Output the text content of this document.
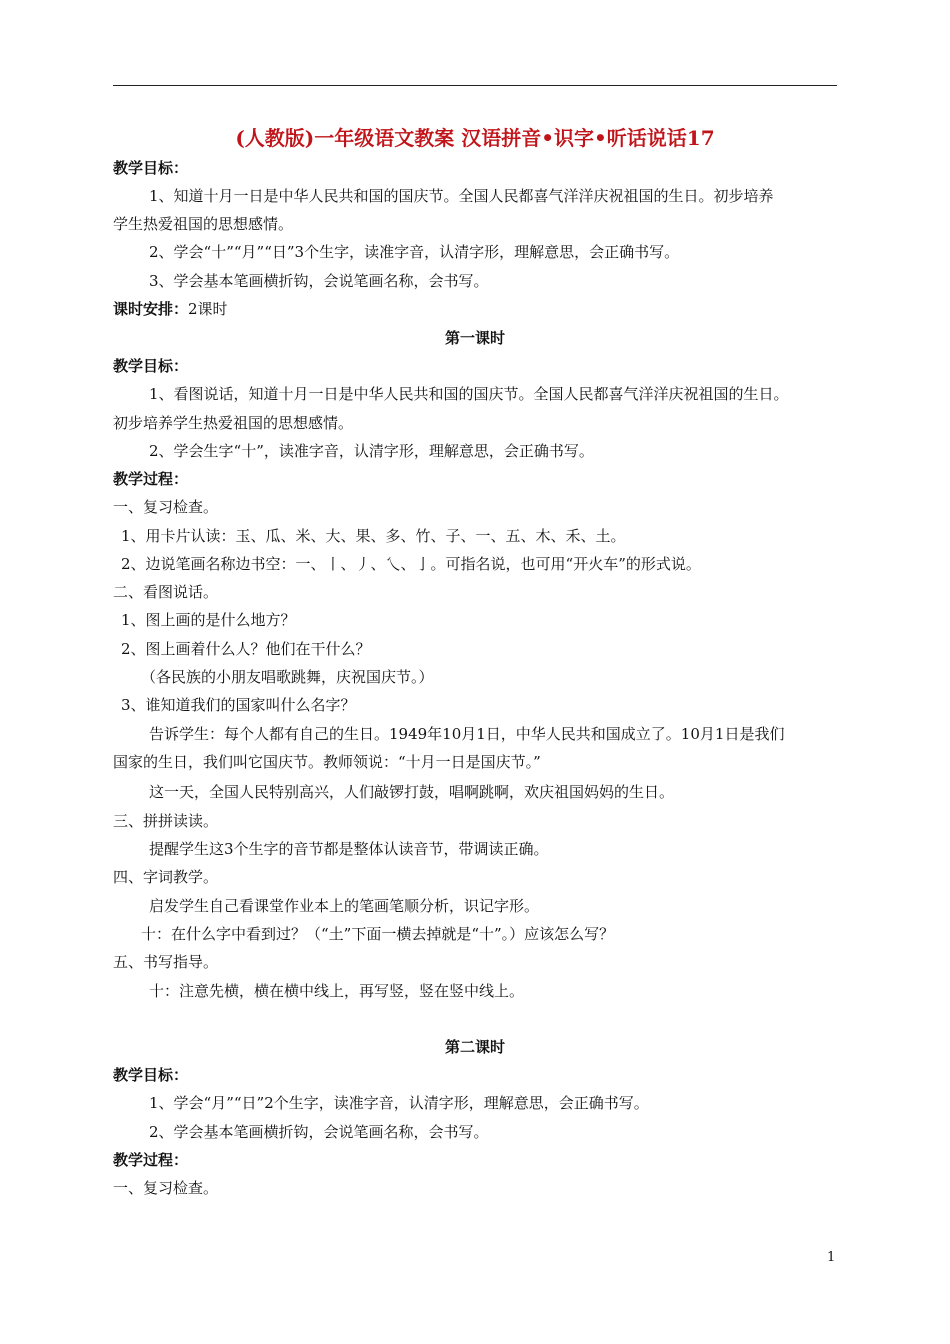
(人教版)一年级语文教案 汉语拼音•识字•听话说话17
教学目标：
1、知道十月一日是中华人民共和国的国庆节。全国人民都喜气洋洋庆祝祖国的生日。初步培养
学生热爱祖国的思想感情。
2、学会“十”“月”“日”3个生字，读准字音，认清字形，理解意思，会正确书写。
3、学会基本笔画横折钩，会说笔画名称，会书写。
课时安排：2课时
第一课时
教学目标：
1、看图说话，知道十月一日是中华人民共和国的国庆节。全国人民都喜气洋洋庆祝祖国的生日。
初步培养学生热爱祖国的思想感情。
2、学会生字“十”，读准字音，认清字形，理解意思，会正确书写。
教学过程：
一、复习检查。
1、用卡片认读：玉、瓜、米、大、果、多、竹、子、一、五、木、禾、土。
2、边说笔画名称边书空：一、丨、丿、乀、亅。可指名说，也可用“开火车”的形式说。
二、看图说话。
1、图上画的是什么地方？
2、图上画着什么人？他们在干什么？
（各民族的小朋友唱歌跳舞，庆祝国庆节。）
3、谁知道我们的国家叫什么名字？
告诉学生：每个人都有自己的生日。1949年10月1日，中华人民共和国成立了。10月1日是我们
国家的生日，我们叫它国庆节。教师领说：“十月一日是国庆节。”
这一天，全国人民特别高兴，人们敲锣打鼓，唱啊跳啊，欢庆祖国妈妈的生日。
三、拼拼读读。
提醒学生这3个生字的音节都是整体认读音节，带调读正确。
四、字词教学。
启发学生自己看课堂作业本上的笔画笔顺分析，识记字形。
十：在什么字中看到过？（“土”下面一横去掉就是“十”。）应该怎么写？
五、书写指导。
十：注意先横，横在横中线上，再写竖，竖在竖中线上。
第二课时
教学目标：
1、学会“月”“日”2个生字，读准字音，认清字形，理解意思，会正确书写。
2、学会基本笔画横折钩，会说笔画名称，会书写。
教学过程：
一、复习检查。
1
